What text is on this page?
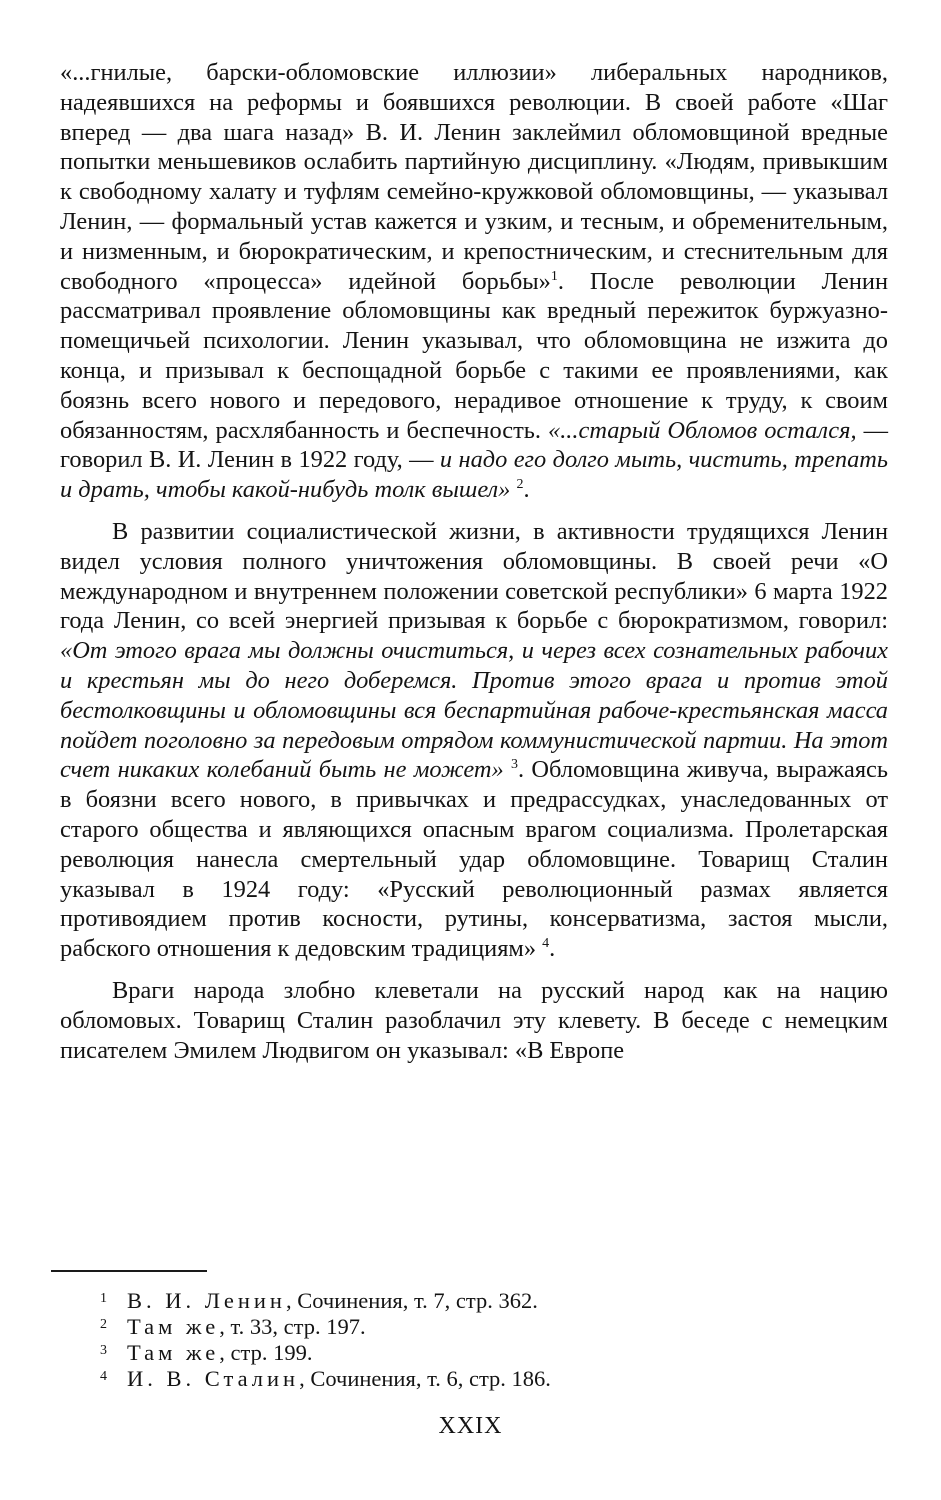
«...гнилые, барски-обломовские иллюзии» либеральных народников, надеявшихся на реформы и боявшихся революции. В своей работе «Шаг вперед — два шага назад» В. И. Ленин заклеймил обломовщиной вредные попытки меньшевиков ослабить партийную дисциплину. «Людям, привыкшим к свободному халату и туфлям семейно-кружковой обломовщины, — указывал Ленин, — формальный устав кажется и узким, и тесным, и обременительным, и низменным, и бюрократическим, и крепостническим, и стеснительным для свободного «процесса» идейной борьбы»$^1$. После революции Ленин рассматривал проявление обломовщины как вредный пережиток буржуазно-помещичьей психологии. Ленин указывал, что обломовщина не изжита до конца, и призывал к беспощадной борьбе с такими ее проявлениями, как боязнь всего нового и передового, нерадивое отношение к труду, к своим обязанностям, расхлябанность и беспечность. «...старый Обломов остался, — говорил В. И. Ленин в 1922 году, — и надо его долго мыть, чистить, трепать и драть, чтобы какой-нибудь толк вышел» $^2$.

В развитии социалистической жизни, в активности трудящихся Ленин видел условия полного уничтожения обломовщины. В своей речи «О международном и внутреннем положении советской республики» 6 марта 1922 года Ленин, со всей энергией призывая к борьбе с бюрократизмом, говорил: «От этого врага мы должны очиститься, и через всех сознательных рабочих и крестьян мы до него доберемся. Против этого врага и против этой бестолковщины и обломовщины вся беспартийная рабоче-крестьянская масса пойдет поголовно за передовым отрядом коммунистической партии. На этот счет никаких колебаний быть не может» $^3$. Обломовщина живуча, выражаясь в боязни всего нового, в привычках и предрассудках, унаследованных от старого общества и являющихся опасным врагом социализма. Пролетарская революция нанесла смертельный удар обломовщине. Товарищ Сталин указывал в 1924 году: «Русский революционный размах является противоядием против косности, рутины, консерватизма, застоя мысли, рабского отношения к дедовским традициям» $^4$.

Враги народа злобно клеветали на русский народ как на нацию обломовых. Товарищ Сталин разоблачил эту клевету. В беседе с немецким писателем Эмилем Людвигом он указывал: «В Европе

1 В. И. Ленин, Сочинения, т. 7, стр. 362.

2 Там же, т. 33, стр. 197.

3 Там же, стр. 199.

4 И. В. Сталин, Сочинения, т. 6, стр. 186.

XXIX
